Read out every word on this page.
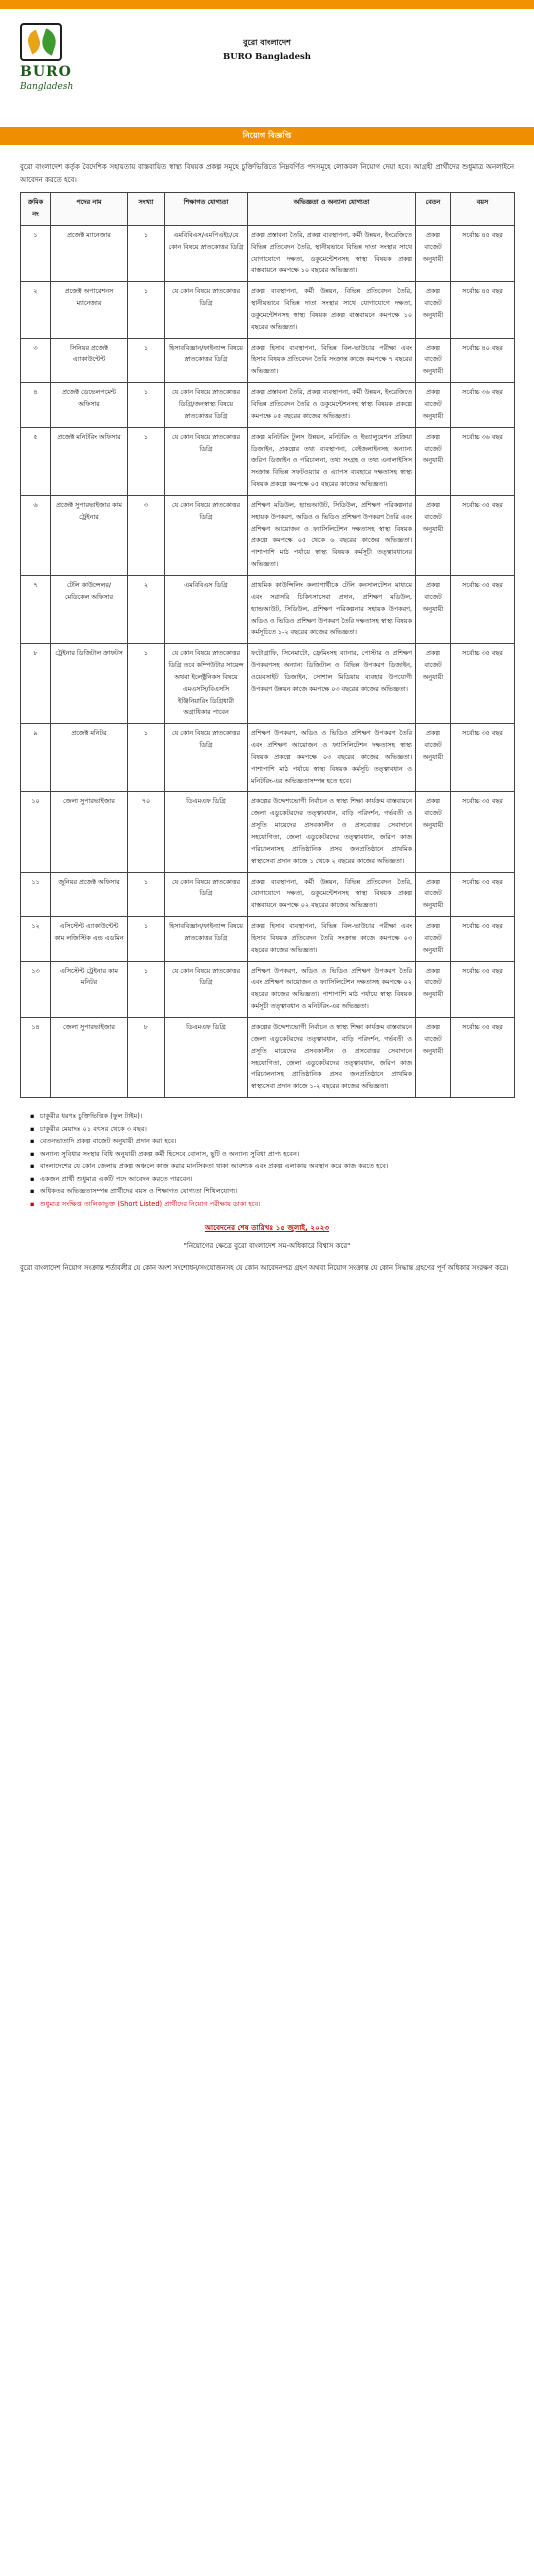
BURO
Bangladesh
বুরো বাংলাদেশ
BURO Bangladesh
নিয়োগ বিজ্ঞপ্তি

বুরো বাংলাদেশ কর্তৃক বৈদেশিক সহায়তায় বাস্তবায়িত স্বাস্থ্য বিষয়ক প্রকল্প সমূহে চুক্তিভিত্তিতে নিম্নবর্ণিত পদসমূহে লোকবল নিয়োগ দেয়া হবে। আগ্রহী প্রার্থীদের শুধুমাত্র অনলাইনে আবেদন করতে হবে।

ক্রমিক নং	পদের নাম	সংখ্যা	শিক্ষাগত যোগ্যতা	অভিজ্ঞতা ও অন্যান্য যোগ্যতা	বেতন	বয়স
১	প্রজেক্ট ম্যানেজার	১	এমবিবিএস/এমপিএইচ/যে কোন বিষয়ে স্নাতকোত্তর ডিগ্রি	প্রকল্প প্রস্তাবনা তৈরি, প্রকল্প ব্যবস্থাপনা, কর্মী উন্নয়ন, ইংরেজিতে বিভিন্ন প্রতিবেদন তৈরি, স্থানীয়ভাবে বিভিন্ন দাতা সংস্থার সাথে যোগাযোগে দক্ষতা, ডকুমেন্টেশনসহ স্বাস্থ্য বিষয়ক প্রকল্প বাস্তবায়নে কমপক্ষে ১০ বছরের অভিজ্ঞতা।	প্রকল্প বাজেট অনুযায়ী	সর্বোচ্চ ৪৫ বছর
২	প্রজেক্ট অপারেশনস ম্যানেজার	১	যে কোন বিষয়ে স্নাতকোত্তর ডিগ্রি	প্রকল্প ব্যবস্থাপনা, কর্মী উন্নয়ন, বিভিন্ন প্রতিবেদন তৈরি, স্থানীয়ভাবে বিভিন্ন দাতা সংস্থার সাথে যোগাযোগে দক্ষতা, ডকুমেন্টেশনসহ স্বাস্থ্য বিষয়ক প্রকল্প বাস্তবায়নে কমপক্ষে ১০ বছরের অভিজ্ঞতা।	প্রকল্প বাজেট অনুযায়ী	সর্বোচ্চ ৪৫ বছর
৩	সিনিয়র প্রজেক্ট এ্যাকাউন্টেন্ট	১	হিসাববিজ্ঞান/ফাইন্যান্স বিষয়ে স্নাতকোত্তর ডিগ্রি	প্রকল্প হিসাব ব্যবস্থাপনা, বিভিন্ন বিল-ভাউচার পরীক্ষা এবং হিসাব বিষয়ক প্রতিবেদন তৈরি সংক্রান্ত কাজে কমপক্ষে ৭ বছরের অভিজ্ঞতা।	প্রকল্প বাজেট অনুযায়ী	সর্বোচ্চ ৪০ বছর
৪	প্রজেক্ট ডেভেলপমেন্ট অফিসার	১	যে কোন বিষয়ে স্নাতকোত্তর ডিগ্রি/জনস্বাস্থ্য বিষয়ে স্নাতকোত্তর ডিগ্রি	প্রকল্প প্রস্তাবনা তৈরি, প্রকল্প ব্যবস্থাপনা, কর্মী উন্নয়ন, ইংরেজিতে বিভিন্ন প্রতিবেদন তৈরি ও ডকুমেন্টেশনসহ স্বাস্থ্য বিষয়ক প্রকল্পে কমপক্ষে ০৫ বছরের কাজের অভিজ্ঞতা।	প্রকল্প বাজেট অনুযায়ী	সর্বোচ্চ ৩৬ বছর
৫	প্রজেক্ট মনিটরিং অফিসার	১	যে কোন বিষয়ে স্নাতকোত্তর ডিগ্রি	প্রকল্প মনিটরিং টুলস উন্নয়ন, মনিটরিং ও ইভ্যালুয়েশন প্রক্রিয়া ডিজাইন, প্রকল্পের তথ্য ব্যবস্থাপনা, বেইজলাইনসহ অন্যান্য জরিপ ডিজাইন ও পরিচালনা, তথ্য সংগ্রহ ও তথ্য এনালাইসিস সংক্রান্ত বিভিন্ন সফটওয়্যার ও এ্যাপস ব্যবহারে দক্ষতাসহ স্বাস্থ্য বিষয়ক প্রকল্পে কমপক্ষে ০৫ বছরের কাজের অভিজ্ঞতা।	প্রকল্প বাজেট অনুযায়ী	সর্বোচ্চ ৩৬ বছর
৬	প্রজেক্ট সুপারভাইজার কাম ট্রেইনার	৩	যে কোন বিষয়ে স্নাতকোত্তর ডিগ্রি	প্রশিক্ষণ মডিউল, হ্যান্ডআউট, সিডিউল, প্রশিক্ষণ পরিকল্পনার সহায়ক উপকরণ, অডিও ও ভিডিও প্রশিক্ষণ উপকরণ তৈরি এবং প্রশিক্ষণ আয়োজন ও ফ্যাসিলিটেশন দক্ষতাসহ স্বাস্থ্য বিষয়ক প্রকল্পে কমপক্ষে ০৫ থেকে ৬ বছরের কাজের অভিজ্ঞতা। পাশাপাশি মাঠ পর্যায়ে স্বাস্থ্য বিষয়ক কর্মসূচী তত্ত্বাবধানের অভিজ্ঞতা।	প্রকল্প বাজেট অনুযায়ী	সর্বোচ্চ ৩৫ বছর
৭	টেলি কাউন্সেলর/ মেডিকেল অফিসার	২	এমবিবিএস ডিগ্রি	প্রাথমিক কাউন্সিলিং কল্যাণার্থীকে টেলি কনসালটেশন মাধ্যমে এবং সরাসরি চিকিৎসাসেবা প্রদান, প্রশিক্ষণ মডিউল, হ্যান্ডআউট, সিডিউল, প্রশিক্ষণ পরিকল্পনার সহায়ক উপকরণ, অডিও ও ভিডিও প্রশিক্ষণ উপকরণ তৈরি দক্ষতাসহ স্বাস্থ্য বিষয়ক কর্মসূচিতে ১-২ বছরের কাজের অভিজ্ঞতা।	প্রকল্প বাজেট অনুযায়ী	সর্বোচ্চ ৩৫ বছর
৮	ট্রেইনার ডিজিটাল ক্রাফটস	১	যে কোন বিষয়ে স্নাতকোত্তর ডিগ্রি তবে কম্পিউটার সায়েন্স অথবা ইলেক্ট্রনিকস বিষয়ে এমএসসি/বিএসসি ইঞ্জিনিয়ারিং ডিগ্রিধারী অগ্রাধিকার পাবেন	ফটোগ্রাফি, সিনেমাটো, ফ্রেমিংসহ ব্যানার, পোস্টার ও প্রশিক্ষণ উপকরণসহ অন্যান্য ডিজিটাল ও বিভিন্ন উপকরণ ডিজাইন, ওয়েবসাইট ডিজাইন, সোশাল মিডিয়ায় ব্যবহার উপযোগী উপকরণ উন্নয়ন কাজে কমপক্ষে ০৩ বছরের কাজের অভিজ্ঞতা।	প্রকল্প বাজেট অনুযায়ী	সর্বোচ্চ ৩৫ বছর
৯	প্রজেক্ট মনিটর	১	যে কোন বিষয়ে স্নাতকোত্তর ডিগ্রি	প্রশিক্ষণ উপকরণ, অডিও ও ভিডিও প্রশিক্ষণ উপকরণ তৈরি এবং প্রশিক্ষণ আয়োজন ও ফ্যাসিলিটেশন দক্ষতাসহ স্বাস্থ্য বিষয়ক প্রকল্পে কমপক্ষে ০৩ বছরের কাজের অভিজ্ঞতা। পাশাপাশি মাঠ পর্যায়ে স্বাস্থ্য বিষয়ক কর্মসূচি তত্ত্বাবধান ও মনিটরিং-এর অভিজ্ঞতাসম্পন্ন হতে হবে।	প্রকল্প বাজেট অনুযায়ী	সর্বোচ্চ ৩৫ বছর
১০	জেলা সুপারভাইজার	৭০	ডিএমএফ ডিগ্রি	প্রকল্পের উদ্দেশ্যভোগী নির্বাচন ও স্বাস্থ্য শিক্ষা কার্যক্রম বাস্তবায়নে জেলা এডুকেটরদের তত্ত্বাবধান, বাড়ি পরিদর্শন, গর্ভবতী ও প্রসূতি মায়েদের প্রসবকালীন ও প্রসবোত্তর সেবাদানে সহযোগিতা, জেলা এডুকেটরদের তত্ত্বাবধান, জরিপ কাজ পরিচালনাসহ প্রাতিষ্ঠানিক প্রসব জনপ্রতিষ্ঠানে প্রাথমিক স্বাস্থ্যসেবা প্রদান কাজে ১ থেকে ২ বছরের কাজের অভিজ্ঞতা।	প্রকল্প বাজেট অনুযায়ী	সর্বোচ্চ ৩৫ বছর
১১	জুনিয়র প্রজেক্ট অফিসার	১	যে কোন বিষয়ে স্নাতকোত্তর ডিগ্রি	প্রকল্প ব্যবস্থাপনা, কর্মী উন্নয়ন, বিভিন্ন প্রতিবেদন তৈরি, যোগাযোগে দক্ষতা, ডকুমেন্টেশনসহ স্বাস্থ্য বিষয়ক প্রকল্প বাস্তবায়নে কমপক্ষে ০২ বছরের কাজের অভিজ্ঞতা।	প্রকল্প বাজেট অনুযায়ী	সর্বোচ্চ ৩৫ বছর
১২	এসিস্টেন্ট এ্যাকাউন্টেন্ট কাম লজিস্টিক এন্ড এডমিন	১	হিসাববিজ্ঞান/ফাইন্যান্স বিষয়ে স্নাতকোত্তর ডিগ্রি	প্রকল্প হিসাব ব্যবস্থাপনা, বিভিন্ন বিল-ভাউচার পরীক্ষা এবং হিসাব বিষয়ক প্রতিবেদন তৈরি সংক্রান্ত কাজে কমপক্ষে ০৩ বছরের কাজের অভিজ্ঞতা।	প্রকল্প বাজেট অনুযায়ী	সর্বোচ্চ ৩৫ বছর
১৩	এসিস্টেন্ট ট্রেইনার কাম মনিটর	১	যে কোন বিষয়ে স্নাতকোত্তর ডিগ্রি	প্রশিক্ষণ উপকরণ, অডিও ও ভিডিও প্রশিক্ষণ উপকরণ তৈরি এবং প্রশিক্ষণ আয়োজন ও ফ্যাসিলিটেশন দক্ষতাসহ কমপক্ষে ০২ বছরের কাজের অভিজ্ঞতা। পাশাপাশি মাঠ পর্যায়ে স্বাস্থ্য বিষয়ক কর্মসূচী তত্ত্বাবধান ও মনিটরিং-এর অভিজ্ঞতা।	প্রকল্প বাজেট অনুযায়ী	সর্বোচ্চ ৩৫ বছর
১৪	জেলা সুপারভাইজার	৮	ডিএমএফ ডিগ্রি	প্রকল্পের উদ্দেশ্যভোগী নির্বাচন ও স্বাস্থ্য শিক্ষা কার্যক্রম বাস্তবায়নে জেলা এডুকেটরদের তত্ত্বাবধান, বাড়ি পরিদর্শন, গর্ভবতী ও প্রসূতি মায়েদের প্রসবকালীন ও প্রসবোত্তর সেবাদানে সহযোগিতা, জেলা এডুকেটরদের তত্ত্বাবধান, জরিপ কাজ পরিচালনাসহ প্রাতিষ্ঠানিক প্রসব জনপ্রতিষ্ঠানে প্রাথমিক স্বাস্থ্যসেবা প্রদান কাজে ১-২ বছরের কাজের অভিজ্ঞতা।	প্রকল্প বাজেট অনুযায়ী	সর্বোচ্চ ৩৫ বছর
▪ চাকুরীর ধরণঃ চুক্তিভিত্তিক (ফুল টাইম)।
▪ চাকুরীর মেয়াদঃ ০১ বৎসর থেকে ৩ বছর।
▪ বেতনভাতাদি প্রকল্প বাজেট অনুযায়ী প্রদান করা হবে।
▪ অন্যান্য সুবিধার সংস্থার বিধি অনুযায়ী প্রকল্প কর্মী হিসেবে বোনাস, ছুটি ও অন্যান্য সুবিধা প্রাপ্য হবেন।
▪ বাংলাদেশের যে কোন জেলায় প্রকল্প অঞ্চলে কাজ করার মানসিকতা থাকা আবশ্যক এবং প্রকল্প এলাকায় অবস্থান করে কাজ করতে হবে।
▪ একজন প্রার্থী শুধুমাত্র একটি পদে আবেদন করতে পারবেন।
▪ অধিকতর অভিজ্ঞতাসম্পন্ন প্রার্থীদের বয়স ও শিক্ষাগত যোগ্যতা শিথিলযোগ্য।
▪ শুধুমাত্র সংক্ষিপ্ত তালিকাভুক্ত (Short Listed) প্রার্থীদের নিয়োগ পরীক্ষায় ডাকা হবে।
আবেদনের শেষ তারিখঃ ১৫ জুলাই, ২০২৩
"নিয়োগের ক্ষেত্রে বুরো বাংলাদেশ সম-অধিকারে বিশ্বাস করে"

বুরো বাংলাদেশ নিয়োগ সংক্রান্ত শর্তাবলীর যে কোন অংশ সংশোধন/সংযোজনসহ যে কোন আবেদনপত্র গ্রহণ অথবা নিয়োগ সংক্রান্ত যে কোন সিদ্ধান্ত গ্রহণের পূর্ণ অধিকার সংরক্ষণ করে।
